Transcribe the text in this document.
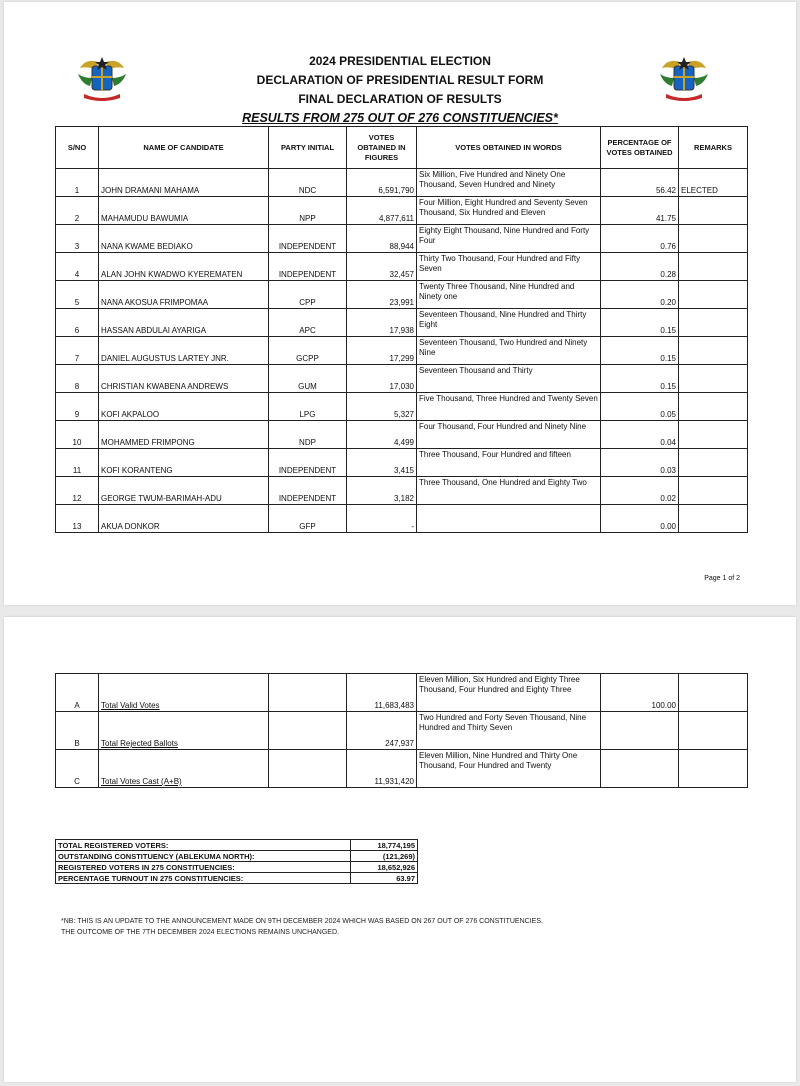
2024 PRESIDENTIAL ELECTION
DECLARATION OF PRESIDENTIAL RESULT FORM
FINAL DECLARATION OF RESULTS
RESULTS FROM 275 OUT OF 276 CONSTITUENCIES*
S/NO	NAME OF CANDIDATE	PARTY INITIAL	VOTES OBTAINED IN FIGURES	VOTES OBTAINED IN WORDS	PERCENTAGE OF VOTES OBTAINED	REMARKS
1	JOHN DRAMANI MAHAMA	NDC	6,591,790	Six Million, Five Hundred and Ninety One Thousand, Seven Hundred and Ninety	56.42	ELECTED
2	MAHAMUDU BAWUMIA	NPP	4,877,611	Four Million, Eight Hundred and Seventy Seven Thousand, Six Hundred and Eleven	41.75	
3	NANA KWAME BEDIAKO	INDEPENDENT	88,944	Eighty Eight Thousand, Nine Hundred and Forty Four	0.76	
4	ALAN JOHN KWADWO KYEREMATEN	INDEPENDENT	32,457	Thirty Two Thousand, Four Hundred and Fifty Seven	0.28	
5	NANA AKOSUA FRIMPOMAA	CPP	23,991	Twenty Three Thousand, Nine Hundred and Ninety one	0.20	
6	HASSAN ABDULAI AYARIGA	APC	17,938	Seventeen Thousand, Nine Hundred and Thirty Eight	0.15	
7	DANIEL AUGUSTUS LARTEY JNR.	GCPP	17,299	Seventeen Thousand, Two Hundred and Ninety Nine	0.15	
8	CHRISTIAN KWABENA ANDREWS	GUM	17,030	Seventeen Thousand and Thirty	0.15	
9	KOFI AKPALOO	LPG	5,327	Five Thousand, Three Hundred and Twenty Seven	0.05	
10	MOHAMMED FRIMPONG	NDP	4,499	Four Thousand, Four Hundred and Ninety Nine	0.04	
11	KOFI KORANTENG	INDEPENDENT	3,415	Three Thousand, Four Hundred and fifteen	0.03	
12	GEORGE TWUM-BARIMAH-ADU	INDEPENDENT	3,182	Three Thousand, One Hundred and Eighty Two	0.02	
13	AKUA DONKOR	GFP	-		0.00	
Page 1 of 2
A	Total Valid Votes		11,683,483	Eleven Million, Six Hundred and Eighty Three Thousand, Four Hundred and Eighty Three	100.00	
B	Total Rejected Ballots		247,937	Two Hundred and Forty Seven Thousand, Nine Hundred and Thirty Seven		
C	Total Votes Cast (A+B)		11,931,420	Eleven Million, Nine Hundred and Thirty One Thousand, Four Hundred and Twenty		
TOTAL REGISTERED VOTERS:	18,774,195
OUTSTANDING CONSTITUENCY (ABLEKUMA NORTH):	(121,269)
REGISTERED VOTERS IN 275 CONSTITUENCIES:	18,652,926
PERCENTAGE TURNOUT IN 275 CONSTITUENCIES:	63.97
*NB: THIS IS AN UPDATE TO THE ANNOUNCEMENT MADE ON 9TH DECEMBER 2024 WHICH WAS BASED ON 267 OUT OF 276 CONSTITUENCIES.
THE OUTCOME OF THE 7TH DECEMBER 2024 ELECTIONS REMAINS UNCHANGED.
